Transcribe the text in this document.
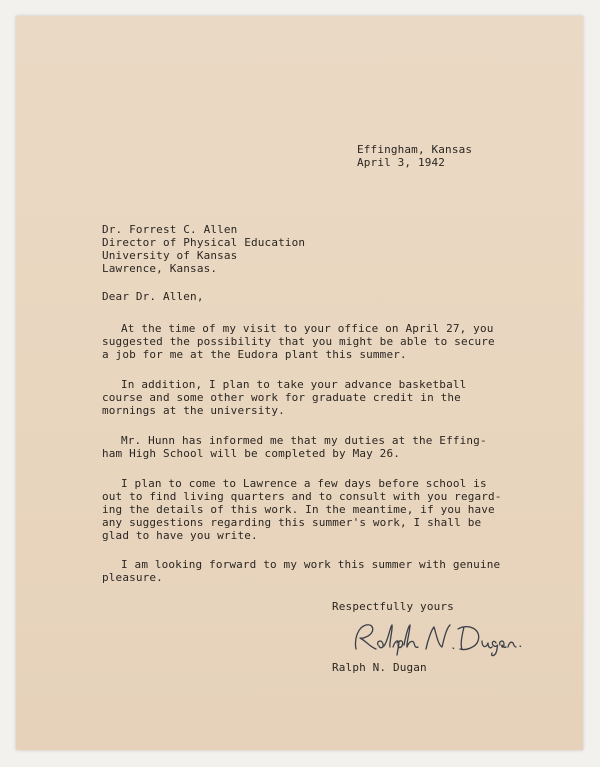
Effingham, Kansas
April 3, 1942
Dr. Forrest C. Allen
Director of Physical Education
University of Kansas
Lawrence, Kansas.
Dear Dr. Allen,
At the time of my visit to your office on April 27, you
suggested the possibility that you might be able to secure
a job for me at the Eudora plant this summer.
In addition, I plan to take your advance basketball
course and some other work for graduate credit in the
mornings at the university.
Mr. Hunn has informed me that my duties at the Effing-
ham High School will be completed by May 26.
I plan to come to Lawrence a few days before school is
out to find living quarters and to consult with you regard-
ing the details of this work. In the meantime, if you have
any suggestions regarding this summer's work, I shall be
glad to have you write.
I am looking forward to my work this summer with genuine
pleasure.
Respectfully yours
Ralph N. Dugan
